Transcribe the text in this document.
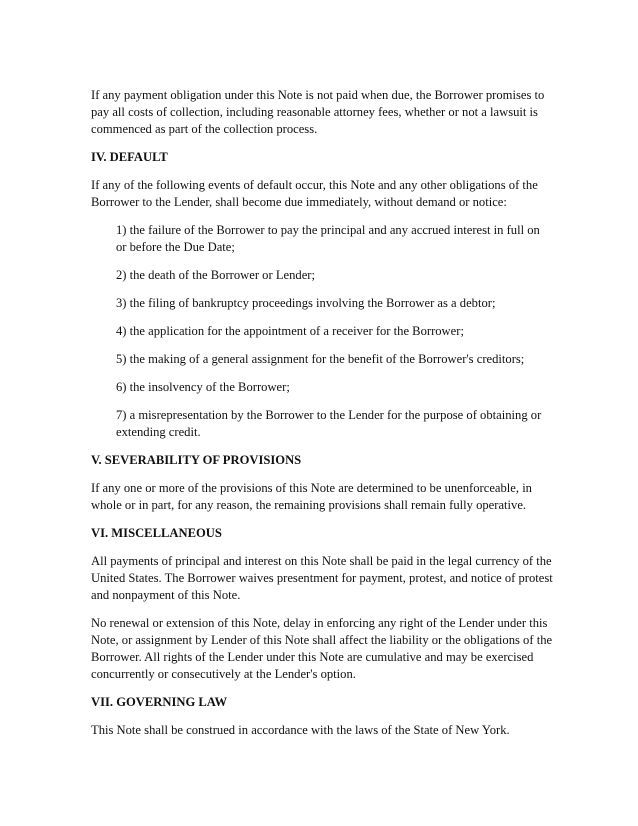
If any payment obligation under this Note is not paid when due, the Borrower promises to pay all costs of collection, including reasonable attorney fees, whether or not a lawsuit is commenced as part of the collection process.

IV. DEFAULT

If any of the following events of default occur, this Note and any other obligations of the Borrower to the Lender, shall become due immediately, without demand or notice:

1) the failure of the Borrower to pay the principal and any accrued interest in full on or before the Due Date;

2) the death of the Borrower or Lender;

3) the filing of bankruptcy proceedings involving the Borrower as a debtor;

4) the application for the appointment of a receiver for the Borrower;

5) the making of a general assignment for the benefit of the Borrower's creditors;

6) the insolvency of the Borrower;

7) a misrepresentation by the Borrower to the Lender for the purpose of obtaining or extending credit.

V. SEVERABILITY OF PROVISIONS

If any one or more of the provisions of this Note are determined to be unenforceable, in whole or in part, for any reason, the remaining provisions shall remain fully operative.

VI. MISCELLANEOUS

All payments of principal and interest on this Note shall be paid in the legal currency of the United States. The Borrower waives presentment for payment, protest, and notice of protest and nonpayment of this Note.

No renewal or extension of this Note, delay in enforcing any right of the Lender under this Note, or assignment by Lender of this Note shall affect the liability or the obligations of the Borrower. All rights of the Lender under this Note are cumulative and may be exercised concurrently or consecutively at the Lender's option.

VII. GOVERNING LAW

This Note shall be construed in accordance with the laws of the State of New York.
